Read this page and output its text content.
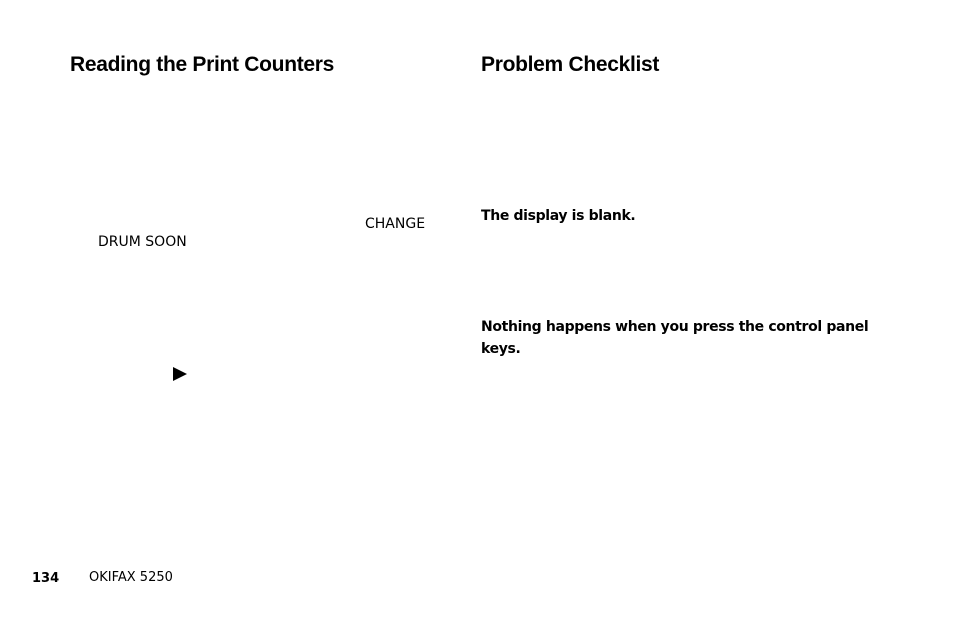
Reading the Print Counters
CHANGE
DRUM SOON
Problem Checklist

The display is blank.

Nothing happens when you press the control panel keys.

134 OKIFAX 5250
